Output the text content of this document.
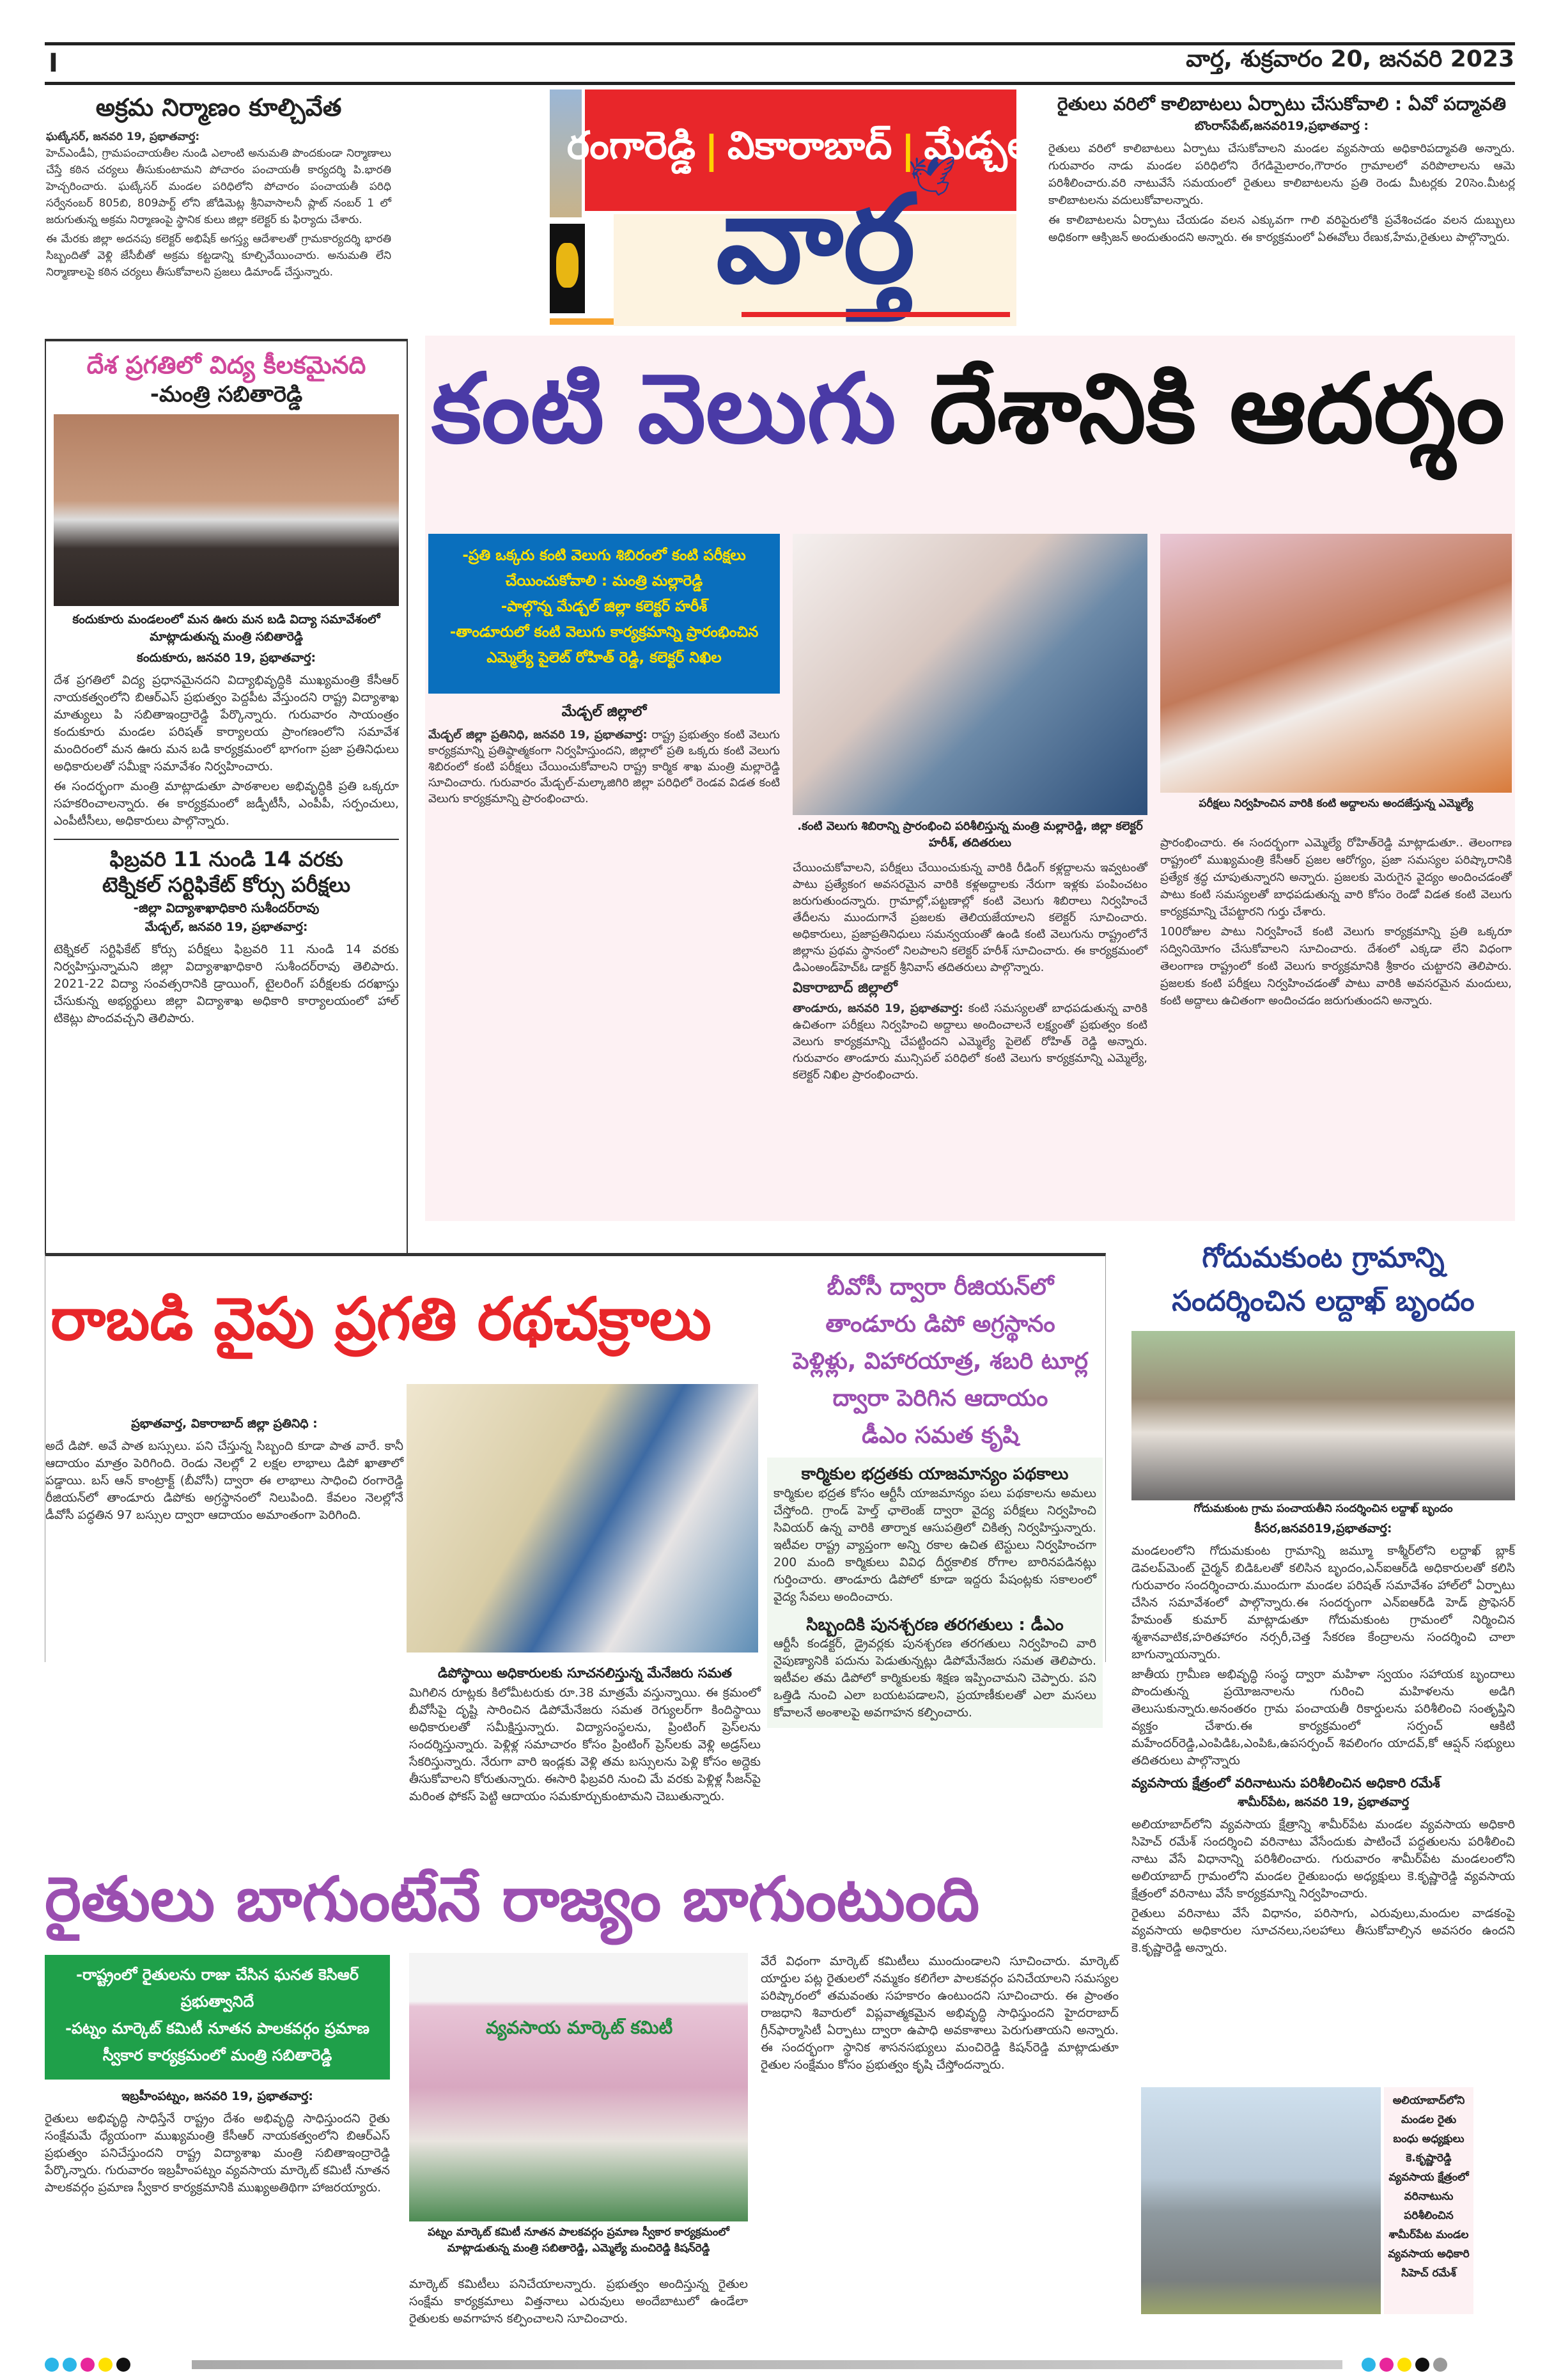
I	వార్త, శుక్రవారం 20, జనవరి 2023
అక్రమ నిర్మాణం కూల్చివేత
ఘట్కేసర్, జనవరి 19, ప్రభాతవార్త:

హెచ్ఎండీఏ, గ్రామపంచాయతీల నుండి ఎలాంటి అనుమతి పొందకుండా నిర్మాణాలు చేస్తే కఠిన చర్యలు తీసుకుంటామని పోచారం పంచాయతీ కార్యదర్శి పి.భారతి హెచ్చరించారు. ఘట్కేసర్ మండల పరిధిలోని పోచారం పంచాయతీ పరిధి సర్వేనంబర్ 805బి, 809పార్ట్ లోని జోడిమెట్ల శ్రీనివాసాలనీ ప్లాట్ నంబర్ 1 లో జరుగుతున్న అక్రమ నిర్మాణంపై స్థానిక కులు జిల్లా కలెక్టర్ కు ఫిర్యాదు చేశారు.

ఈ మేరకు జిల్లా అదనపు కలెక్టర్ అభిషేక్ అగస్త్య ఆదేశాలతో గ్రామకార్యదర్శి భారతి సిబ్బందితో వెళ్లి జేసీబీతో అక్రమ కట్టడాన్ని కూల్చివేయించారు. అనుమతి లేని నిర్మాణాలపై కఠిన చర్యలు తీసుకోవాలని ప్రజలు డిమాండ్ చేస్తున్నారు.

రంగారెడ్డి | వికారాబాద్ | మేడ్చల్
వార్త
🕊
రైతులు వరిలో కాలిబాటలు ఏర్పాటు చేసుకోవాలి : ఏవో పద్మావతి
బొంరాస్‌పేట్,జనవరి19,ప్రభాతవార్త :

రైతులు వరిలో కాలిబాటలు ఏర్పాటు చేసుకోవాలని మండల వ్యవసాయ అధికారిపద్మావతి అన్నారు. గురువారం నాడు మండల పరిధిలోని రేగడిమైలారం,గౌరారం గ్రామాలలో వరిపొలాలను ఆమె పరిశీలించారు.వరి నాటువేసే సమయంలో రైతులు కాలిబాటలను ప్రతి రెండు మీటర్లకు 20సెం.మీటర్ల కాలిబాటలను వదులుకోవాలన్నారు.

ఈ కాలిబాటలను ఏర్పాటు చేయడం వలన ఎక్కువగా గాలి వరిపైరులోకి ప్రవేశించడం వలన దుబ్బులు అధికంగా ఆక్సిజన్ అందుతుందని అన్నారు. ఈ కార్యక్రమంలో ఏఈవోలు రేణుక,హేమ,రైతులు పాల్గొన్నారు.

దేశ ప్రగతిలో విద్య కీలకమైనది
-మంత్రి సబితారెడ్డి
కందుకూరు మండలంలో మన ఊరు మన బడి విద్యా సమావేశంలో మాట్లాడుతున్న మంత్రి సబితారెడ్డి
కందుకూరు, జనవరి 19, ప్రభాతవార్త:

దేశ ప్రగతిలో విద్య ప్రధానమైనదని విద్యాభివృద్ధికి ముఖ్యమంత్రి కేసీఆర్ నాయకత్వంలోని బిఆర్ఎస్ ప్రభుత్వం పెద్దపీట వేస్తుందని రాష్ట్ర విద్యాశాఖ మాత్యులు పి సబితాఇంద్రారెడ్డి పేర్కొన్నారు. గురువారం సాయంత్రం కందుకూరు మండల పరిషత్ కార్యాలయ ప్రాంగణంలోని సమావేశ మందిరంలో మన ఊరు మన బడి కార్యక్రమంలో భాగంగా ప్రజా ప్రతినిధులు అధికారులతో సమీక్షా సమావేశం నిర్వహించారు.

ఈ సందర్భంగా మంత్రి మాట్లాడుతూ పాఠశాలల అభివృద్ధికి ప్రతి ఒక్కరూ సహకరించాలన్నారు. ఈ కార్యక్రమంలో జడ్పీటీసీ, ఎంపీపీ, సర్పంచులు, ఎంపీటీసీలు, అధికారులు పాల్గొన్నారు.

ఫిబ్రవరి 11 నుండి 14 వరకు
టెక్నికల్ సర్టిఫికేట్ కోర్సు పరీక్షలు
-జిల్లా విద్యాశాఖాధికారి సుశీందర్‌రావు
మేడ్చల్, జనవరి 19, ప్రభాతవార్త:

టెక్నికల్ సర్టిఫికేట్ కోర్సు పరీక్షలు ఫిబ్రవరి 11 నుండి 14 వరకు నిర్వహిస్తున్నామని జిల్లా విద్యాశాఖాధికారి సుశీందర్‌రావు తెలిపారు. 2021-22 విద్యా సంవత్సరానికి డ్రాయింగ్, టైలరింగ్ పరీక్షలకు దరఖాస్తు చేసుకున్న అభ్యర్థులు జిల్లా విద్యాశాఖ అధికారి కార్యాలయంలో హాల్ టికెట్లు పొందవచ్చని తెలిపారు.

కంటి వెలుగు దేశానికి ఆదర్శం
-ప్రతి ఒక్కరు కంటి వెలుగు శిబిరంలో కంటి పరీక్షలు చేయించుకోవాలి : మంత్రి మల్లారెడ్డి
-పాల్గొన్న మేడ్చల్ జిల్లా కలెక్టర్ హరీశ్
-తాండూరులో కంటి వెలుగు కార్యక్రమాన్ని ప్రారంభించిన ఎమ్మెల్యే పైలెట్ రోహిత్ రెడ్డి, కలెక్టర్ నిఖిల
మేడ్చల్ జిల్లాలో
మేడ్చల్ జిల్లా ప్రతినిధి, జనవరి 19, ప్రభాతవార్త: రాష్ట్ర ప్రభుత్వం కంటి వెలుగు కార్యక్రమాన్ని ప్రతిష్ఠాత్మకంగా నిర్వహిస్తుందని, జిల్లాలో ప్రతి ఒక్కరు కంటి వెలుగు శిబిరంలో కంటి పరీక్షలు చేయించుకోవాలని రాష్ట్ర కార్మిక శాఖ మంత్రి మల్లారెడ్డి సూచించారు. గురువారం మేడ్చల్-మల్కాజిగిరి జిల్లా పరిధిలో రెండవ విడత కంటి వెలుగు కార్యక్రమాన్ని ప్రారంభించారు.
.కంటి వెలుగు శిబిరాన్ని ప్రారంభించి పరిశీలిస్తున్న మంత్రి మల్లారెడ్డి, జిల్లా కలెక్టర్ హరీశ్, తదితరులు
పరీక్షలు నిర్వహించిన వారికి కంటి అద్దాలను అందజేస్తున్న ఎమ్మెల్యే

చేయించుకోవాలని, పరీక్షలు చేయించుకున్న వారికి రీడింగ్ కళ్లద్దాలను ఇవ్వటంతో పాటు ప్రత్యేకంగ అవసరమైన వారికి కళ్లఅద్దాలకు నేరుగా ఇళ్లకు పంపించటం జరుగుతుందన్నారు. గ్రామాల్లో,పట్టణాల్లో కంటి వెలుగు శిబిరాలు నిర్వహించే తేదీలను ముందుగానే ప్రజలకు తెలియజేయాలని కలెక్టర్ సూచించారు. అధికారులు, ప్రజాప్రతినిధులు సమన్వయంతో ఉండి కంటి వెలుగును రాష్ట్రంలోనే జిల్లాను ప్రథమ స్థానంలో నిలపాలని కలెక్టర్ హరీశ్ సూచించారు. ఈ కార్యక్రమంలో డిఎంఅండ్‌హెచ్ఓ డాక్టర్ శ్రీనివాస్ తదితరులు పాల్గొన్నారు.

వికారాబాద్ జిల్లాలో
తాండూరు, జనవరి 19, ప్రభాతవార్త: కంటి సమస్యలతో బాధపడుతున్న వారికి ఉచితంగా పరీక్షలు నిర్వహించి అద్దాలు అందించాలనే లక్ష్యంతో ప్రభుత్వం కంటి వెలుగు కార్యక్రమాన్ని చేపట్టిందని ఎమ్మెల్యే పైలెట్ రోహిత్ రెడ్డి అన్నారు. గురువారం తాండూరు మున్సిపల్ పరిధిలో కంటి వెలుగు కార్యక్రమాన్ని ఎమ్మెల్యే, కలెక్టర్ నిఖిల ప్రారంభించారు.

ప్రారంభించారు. ఈ సందర్భంగా ఎమ్మెల్యే రోహిత్‌రెడ్డి మాట్లాడుతూ.. తెలంగాణ రాష్ట్రంలో ముఖ్యమంత్రి కేసీఆర్ ప్రజల ఆరోగ్యం, ప్రజా సమస్యల పరిష్కారానికి ప్రత్యేక శ్రద్ధ చూపుతున్నారని అన్నారు. ప్రజలకు మెరుగైన వైద్యం అందించడంతో పాటు కంటి సమస్యలతో బాధపడుతున్న వారి కోసం రెండో విడత కంటి వెలుగు కార్యక్రమాన్ని చేపట్టారని గుర్తు చేశారు.

100రోజుల పాటు నిర్వహించే కంటి వెలుగు కార్యక్రమాన్ని ప్రతి ఒక్కరూ సద్వినియోగం చేసుకోవాలని సూచించారు. దేశంలో ఎక్కడా లేని విధంగా తెలంగాణ రాష్ట్రంలో కంటి వెలుగు కార్యక్రమానికి శ్రీకారం చుట్టారని తెలిపారు. ప్రజలకు కంటి పరీక్షలు నిర్వహించడంతో పాటు వారికి అవసరమైన మందులు, కంటి అద్దాలు ఉచితంగా అందించడం జరుగుతుందని అన్నారు.

రాబడి వైపు ప్రగతి రథచక్రాలు	బీవోసీ ద్వారా రీజియన్‌లో తాండూరు డిపో అగ్రస్థానం
పెళ్లిళ్లు, విహారయాత్ర, శబరి టూర్ల ద్వారా పెరిగిన ఆదాయం
డీఎం సమత కృషి
ప్రభాతవార్త, వికారాబాద్ జిల్లా ప్రతినిధి :

అదే డిపో. అవే పాత బస్సులు. పని చేస్తున్న సిబ్బంది కూడా పాత వారే. కానీ ఆదాయం మాత్రం పెరిగింది. రెండు నెలల్లో 2 లక్షల లాభాలు డిపో ఖాతాలో పడ్డాయి. బస్ ఆన్ కాంట్రాక్ట్ (బీవోసీ) ద్వారా ఈ లాభాలు సాధించి రంగారెడ్డి రీజియన్‌లో తాండూరు డిపోకు అగ్రస్థానంలో నిలుపింది. కేవలం నెలల్లోనే డీవోసీ పద్ధతిన 97 బస్సుల ద్వారా ఆదాయం అమాంతంగా పెరిగింది.

డిపోస్థాయి అధికారులకు సూచనలిస్తున్న మేనేజరు సమత

మిగిలిన రూట్లకు కిలోమీటరుకు రూ.38 మాత్రమే వస్తున్నాయి. ఈ క్రమంలో బీవోసీపై దృష్టి సారించిన డిపోమేనేజరు సమత రెగ్యులర్‌గా కిందిస్థాయి అధికారులతో సమీక్షిస్తున్నారు. విద్యాసంస్థలను, ప్రింటింగ్ ప్రెస్‌లను సందర్శిస్తున్నారు. పెళ్లిళ్ల సమాచారం కోసం ప్రింటింగ్ ప్రెస్‌లకు వెళ్లి అడ్రస్‌లు సేకరిస్తున్నారు. నేరుగా వారి ఇండ్లకు వెళ్లి తమ బస్సులను పెళ్లి కోసం అద్దెకు తీసుకోవాలని కోరుతున్నారు. ఈసారి ఫిబ్రవరి నుంచి మే వరకు పెళ్లిళ్ల సీజన్‌పై మరింత ఫోకస్ పెట్టి ఆదాయం సమకూర్చుకుంటామని చెబుతున్నారు.

కార్మికుల భద్రతకు యాజమాన్యం పథకాలు

కార్మికుల భద్రత కోసం ఆర్టీసీ యాజమాన్యం పలు పథకాలను అమలు చేస్తోంది. గ్రాండ్ హెల్త్ ఛాలెంజ్ ద్వారా వైద్య పరీక్షలు నిర్వహించి సివియర్ ఉన్న వారికి తార్నాక ఆసుపత్రిలో చికిత్స నిర్వహిస్తున్నారు. ఇటీవల రాష్ట్ర వ్యాప్తంగా అన్ని రకాల ఉచిత టెస్టులు నిర్వహించగా 200 మంది కార్మికులు వివిధ దీర్ఘకాలిక రోగాల బారినపడినట్లు గుర్తించారు. తాండూరు డిపోలో కూడా ఇద్దరు పేషంట్లకు సకాలంలో వైద్య సేవలు అందించారు.

సిబ్బందికి పునశ్చరణ తరగతులు : డీఎం

ఆర్టీసీ కండక్టర్, డ్రైవర్లకు పునశ్చరణ తరగతులు నిర్వహించి వారి నైపుణ్యానికి పదును పెడుతున్నట్లు డిపోమేనేజరు సమత తెలిపారు. ఇటీవల తమ డిపోలో కార్మికులకు శిక్షణ ఇప్పించామని చెప్పారు. పని ఒత్తిడి నుంచి ఎలా బయటపడాలని, ప్రయాణీకులతో ఎలా మసలు కోవాలనే అంశాలపై అవగాహన కల్పించారు.

గోదుమకుంట గ్రామాన్ని సందర్శించిన లద్దాఖ్ బృందం
గోదుమకుంట గ్రామ పంచాయతీని సందర్శించిన లద్దాఖ్ బృందం
కీసర,జనవరి19,ప్రభాతవార్త:

మండలంలోని గోదుమకుంట గ్రామాన్ని జమ్మూ కాశ్మీర్‌లోని లద్దాఖ్ బ్లాక్ డెవలప్‌మెంట్ చైర్మన్ బిడిఓలతో కలిసిన బృందం,ఎన్ఐఆర్‌డి అధికారులతో కలిసి గురువారం సందర్శించారు.ముందుగా మండల పరిషత్ సమావేశం హాల్‌లో ఏర్పాటు చేసిన సమావేశంలో పాల్గొన్నారు.ఈ సందర్భంగా ఎన్ఐఆర్‌డి హెడ్ ప్రొఫెసర్ హేమంత్ కుమార్ మాట్లాడుతూ గోదుమకుంట గ్రామంలో నిర్మించిన శ్మశానవాటిక,హరితహారం నర్సరీ,చెత్త సేకరణ కేంద్రాలను సందర్శించి చాలా బాగున్నాయన్నారు.

జాతీయ గ్రామీణ అభివృద్ధి సంస్థ ద్వారా మహిళా స్వయం సహాయక బృందాలు పొందుతున్న ప్రయోజనాలను గురించి మహిళలను అడిగి తెలుసుకున్నారు.అనంతరం గ్రామ పంచాయతీ రికార్డులను పరిశీలించి సంతృప్తిని వ్యక్తం చేశారు.ఈ కార్యక్రమంలో సర్పంచ్ ఆకిటి మహేందర్‌రెడ్డి,ఎంపిడిఓ,ఎంపిఓ,ఉపసర్పంచ్ శివలింగం యాదవ్,కో ఆప్షన్ సభ్యులు తదితరులు పాల్గొన్నారు

వ్యవసాయ క్షేత్రంలో వరినాటును పరిశీలించిన అధికారి రమేశ్
శామీర్‌పేట, జనవరి 19, ప్రభాతవార్త

అలియాబాద్‌లోని వ్యవసాయ క్షేత్రాన్ని శామీర్‌పేట మండల వ్యవసాయ అధికారి సిహెచ్ రమేశ్ సందర్శించి వరినాటు వేసేందుకు పాటించే పద్ధతులను పరిశీలించి నాటు వేసే విధానాన్ని పరిశీలించారు. గురువారం శామీర్‌పేట మండలంలోని అలియాబాద్ గ్రామంలోని మండల రైతుబంధు అధ్యక్షులు కె.కృష్ణారెడ్డి వ్యవసాయ క్షేత్రంలో వరినాటు వేసే కార్యక్రమాన్ని నిర్వహించారు.

రైతులు వరినాటు వేసే విధానం, పరిసాగు, ఎరువులు,మందుల వాడకంపై వ్యవసాయ అధికారుల సూచనలు,సలహాలు తీసుకోవాల్సిన అవసరం ఉందని కె.కృష్ణారెడ్డి అన్నారు.

అలియాబాద్‌లోని మండల రైతు బంధు అధ్యక్షులు కె.కృష్ణారెడ్డి వ్యవసాయ క్షేత్రంలో వరినాటును పరిశీలించిన శామీర్‌పేట మండల వ్యవసాయ అధికారి సిహెచ్ రమేశ్
రైతులు బాగుంటేనే రాజ్యం బాగుంటుంది
-రాష్ట్రంలో రైతులను రాజు చేసిన ఘనత కెసిఆర్ ప్రభుత్వానిదే
-పట్నం మార్కెట్ కమిటీ నూతన పాలకవర్గం ప్రమాణ స్వీకార కార్యక్రమంలో మంత్రి సబితారెడ్డి
ఇబ్రహీంపట్నం, జనవరి 19, ప్రభాతవార్త:

రైతులు అభివృద్ధి సాధిస్తేనే రాష్ట్రం దేశం అభివృద్ధి సాధిస్తుందని రైతు సంక్షేమమే ధ్యేయంగా ముఖ్యమంత్రి కేసీఆర్ నాయకత్వంలోని బిఆర్ఎస్ ప్రభుత్వం పనిచేస్తుందని రాష్ట్ర విద్యాశాఖ మంత్రి సబితాఇంద్రారెడ్డి పేర్కొన్నారు. గురువారం ఇబ్రహీంపట్నం వ్యవసాయ మార్కెట్ కమిటీ నూతన పాలకవర్గం ప్రమాణ స్వీకార కార్యక్రమానికి ముఖ్యఅతిథిగా హాజరయ్యారు.

వ్యవసాయ మార్కెట్ కమిటీ
పట్నం మార్కెట్ కమిటీ నూతన పాలకవర్గం ప్రమాణ స్వీకార కార్యక్రమంలో మాట్లాడుతున్న మంత్రి సబితారెడ్డి, ఎమ్మెల్యే మంచిరెడ్డి కిషన్‌రెడ్డి
మార్కెట్ కమిటీలు పనిచేయాలన్నారు. ప్రభుత్వం అందిస్తున్న రైతుల సంక్షేమ కార్యక్రమాలు విత్తనాలు ఎరువులు అందేబాటులో ఉండేలా రైతులకు అవగాహన కల్పించాలని సూచించారు.
వేరే విధంగా మార్కెట్ కమిటీలు ముందుండాలని సూచించారు. మార్కెట్ యార్డుల పట్ల రైతులలో నమ్మకం కలిగేలా పాలకవర్గం పనిచేయాలని సమస్యల పరిష్కారంలో తమవంతు సహకారం ఉంటుందని సూచించారు. ఈ ప్రాంతం రాజధాని శివారులో విప్లవాత్మకమైన అభివృద్ధి సాధిస్తుందని హైదరాబాద్ గ్రీన్‌ఫార్మాసిటీ ఏర్పాటు ద్వారా ఉపాధి అవకాశాలు పెరుగుతాయని అన్నారు. ఈ సందర్భంగా స్థానిక శాసనసభ్యులు మంచిరెడ్డి కిషన్‌రెడ్డి మాట్లాడుతూ రైతుల సంక్షేమం కోసం ప్రభుత్వం కృషి చేస్తోందన్నారు.
